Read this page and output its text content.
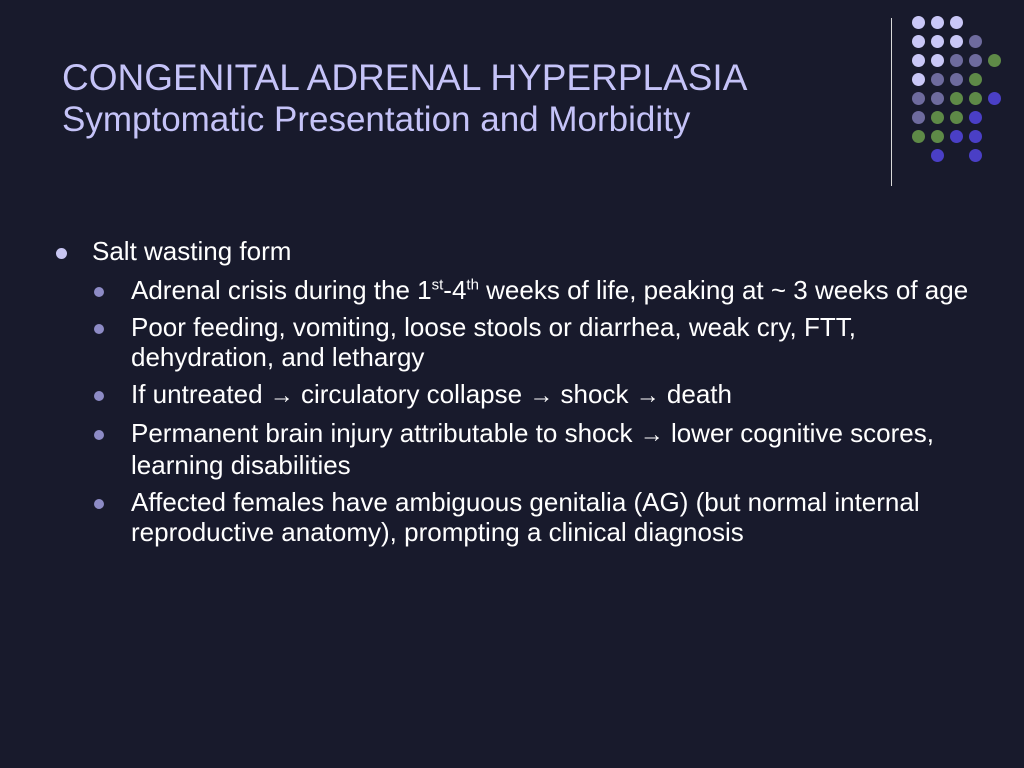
CONGENITAL ADRENAL HYPERPLASIA
Symptomatic Presentation and Morbidity
Salt wasting form
Adrenal crisis during the 1st-4th weeks of life, peaking at ~ 3 weeks of age
Poor feeding, vomiting, loose stools or diarrhea, weak cry, FTT, dehydration, and lethargy
If untreated → circulatory collapse → shock → death
Permanent brain injury attributable to shock → lower cognitive scores, learning disabilities
Affected females have ambiguous genitalia (AG) (but normal internal reproductive anatomy), prompting a clinical diagnosis
